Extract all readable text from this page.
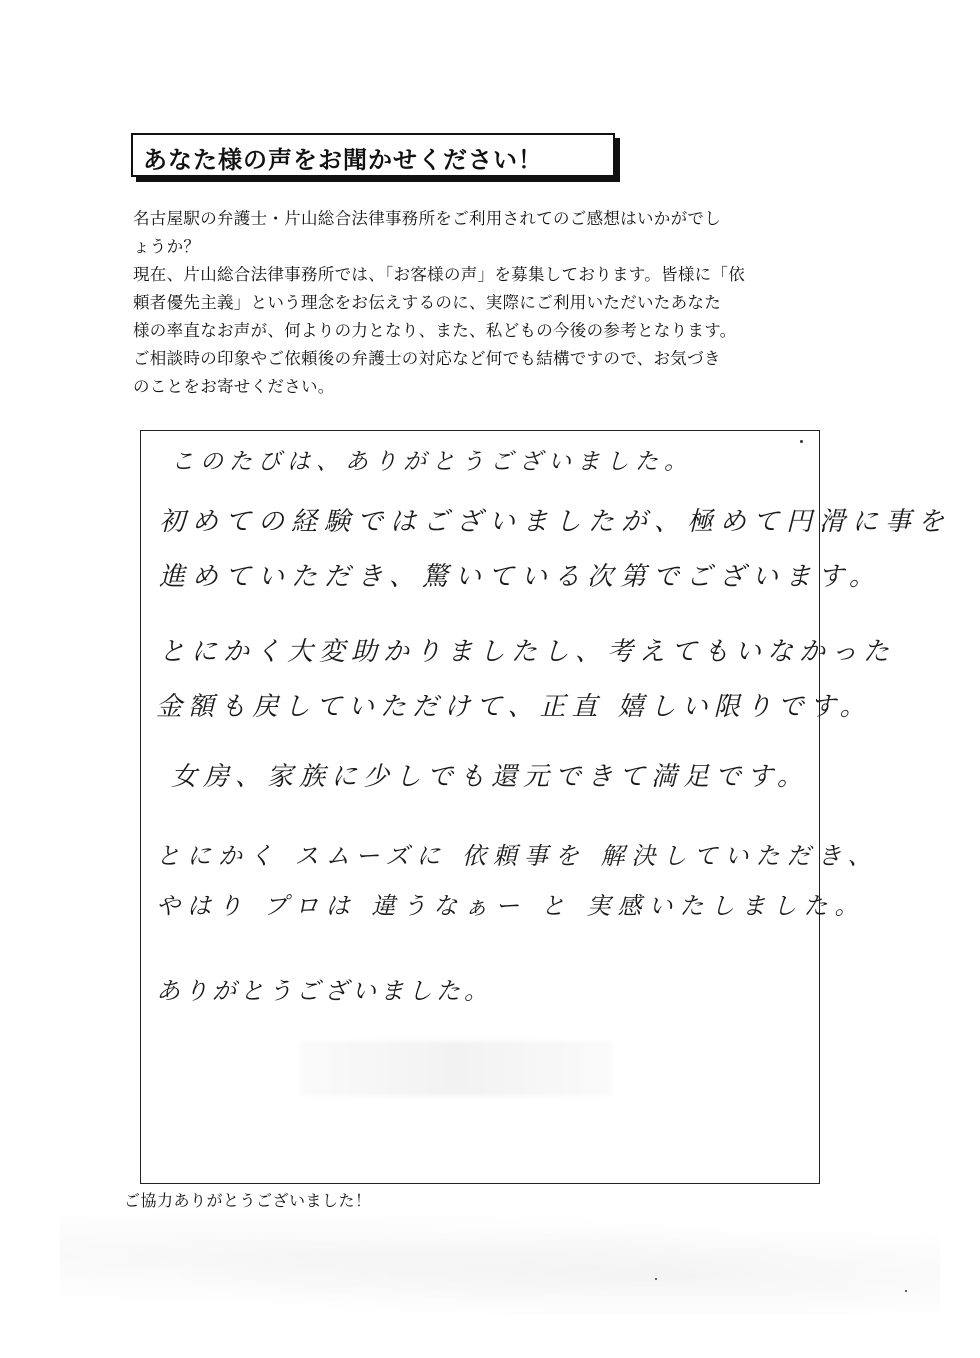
あなた様の声をお聞かせください！
名古屋駅の弁護士・片山総合法律事務所をご利用されてのご感想はいかがでし
ょうか？
現在、片山総合法律事務所では、「お客様の声」を募集しております。皆様に「依
頼者優先主義」という理念をお伝えするのに、実際にご利用いただいたあなた
様の率直なお声が、何よりの力となり、また、私どもの今後の参考となります。
ご相談時の印象やご依頼後の弁護士の対応など何でも結構ですので、お気づき
のことをお寄せください。
このたびは、ありがとうございました。
初めての経験ではございましたが、極めて円滑に事を
進めていただき、驚いている次第でございます。
とにかく大変助かりましたし、考えてもいなかった
金額も戻していただけて、正直 嬉しい限りです。
女房、家族に少しでも還元できて満足です。
とにかく スムーズに 依頼事を 解決していただき、
やはり プロは 違うなぁー と 実感いたしました。
ありがとうございました。
ご協力ありがとうございました！
